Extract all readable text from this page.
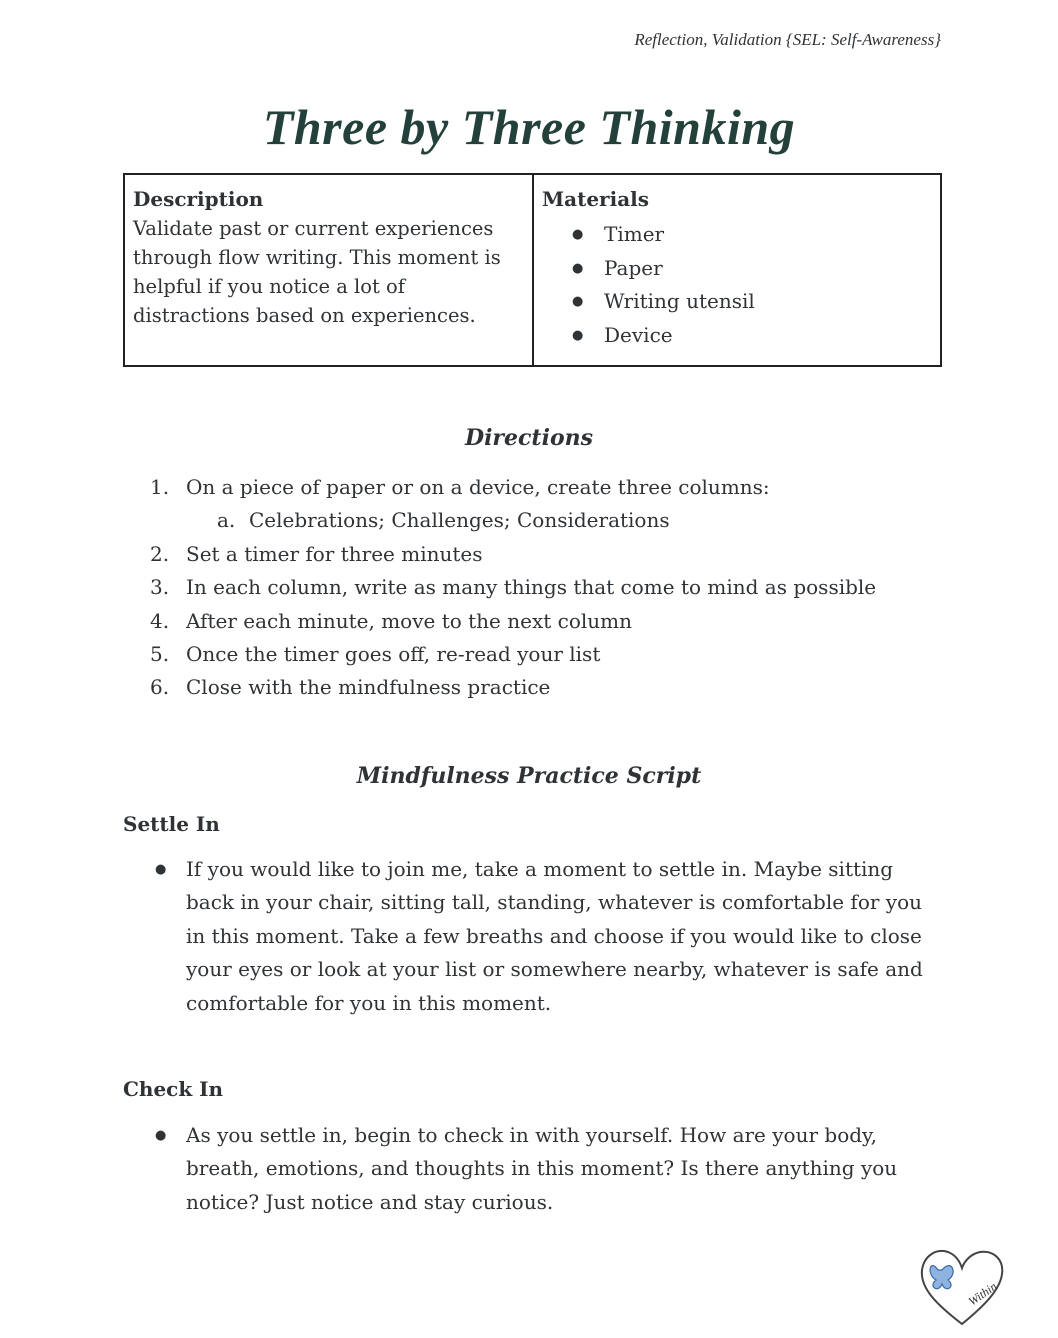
Reflection, Validation {SEL: Self-Awareness}
Three by Three Thinking
Description
Validate past or current experiences through flow writing. This moment is helpful if you notice a lot of distractions based on experiences.
Materials
● Timer
● Paper
● Writing utensil
● Device
Directions
1. On a piece of paper or on a device, create three columns:
a. Celebrations; Challenges; Considerations
2. Set a timer for three minutes
3. In each column, write as many things that come to mind as possible
4. After each minute, move to the next column
5. Once the timer goes off, re-read your list
6. Close with the mindfulness practice
Mindfulness Practice Script
Settle In
● If you would like to join me, take a moment to settle in. Maybe sitting back in your chair, sitting tall, standing, whatever is comfortable for you in this moment. Take a few breaths and choose if you would like to close your eyes or look at your list or somewhere nearby, whatever is safe and comfortable for you in this moment.
Check In
● As you settle in, begin to check in with yourself. How are your body, breath, emotions, and thoughts in this moment? Is there anything you notice? Just notice and stay curious.
Within
